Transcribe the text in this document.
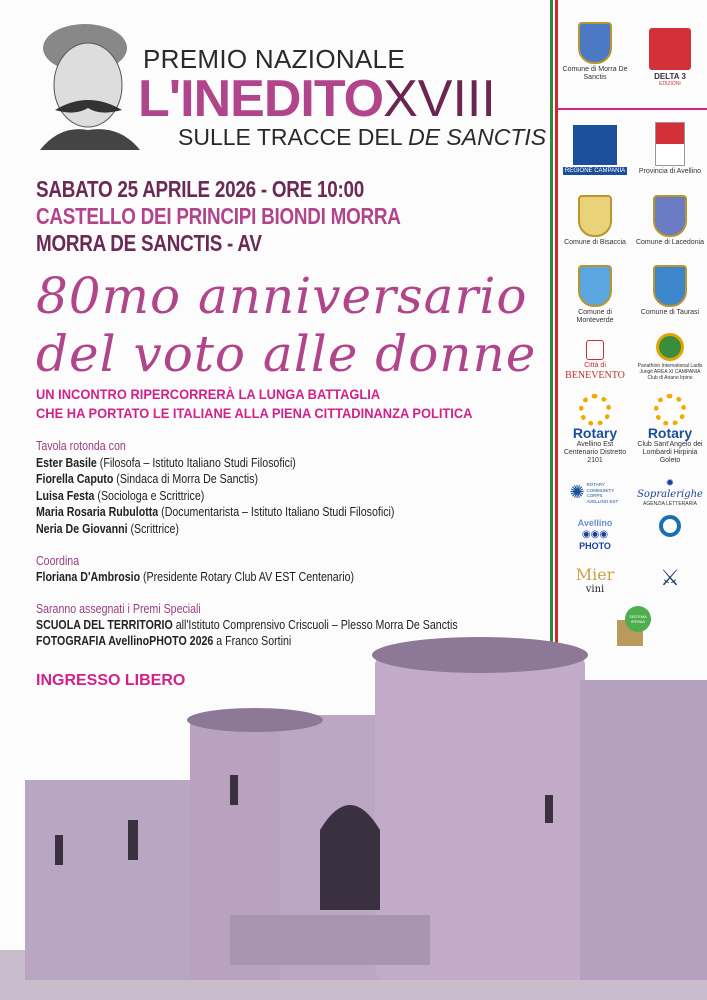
PREMIO NAZIONALE
L'INEDITOXVIII
SULLE TRACCE DEL DE SANCTIS
SABATO 25 APRILE 2026 - ORE 10:00
CASTELLO DEI PRINCIPI BIONDI MORRA
MORRA DE SANCTIS - AV
80mo anniversario
del voto alle donne
UN INCONTRO RIPERCORRERÀ LA LUNGA BATTAGLIA
CHE HA PORTATO LE ITALIANE ALLA PIENA CITTADINANZA POLITICA
Tavola rotonda con
Ester Basile (Filosofa – Istituto Italiano Studi Filosofici)
Fiorella Caputo (Sindaca di Morra De Sanctis)
Luisa Festa (Sociologa e Scrittrice)
Maria Rosaria Rubulotta (Documentarista – Istituto Italiano Studi Filosofici)
Neria De Giovanni (Scrittrice)
Coordina
Floriana D'Ambrosio (Presidente Rotary Club AV EST Centenario)
Saranno assegnati i Premi Speciali
SCUOLA DEL TERRITORIO all'Istituto Comprensivo Criscuoli – Plesso Morra De Sanctis
FOTOGRAFIA AvellinoPHOTO 2026 a Franco Sortini
INGRESSO LIBERO
Comune di Morra De Sanctis	DELTA 3
EDIZIONI
REGIONE CAMPANIA Provincia di Avellino
Comune di Bisaccia Comune di Lacedonia
Comune di Monteverde
Comune di Taurasi
Città di
BENEVENTO
Panathlon International Ladis Jungit AREA XI CAMPANIA Club di Ariano Irpino
Rotary
Avellino Est Centenario Distretto 2101
Rotary
Club Sant'Angelo dei Lombardi Hirpinia Goleto
✺ ROTARY COMMUNITY CORPS AVELLINO EST
✹
Sopralerighe
AGENZIA LETTERARIA
Avellino
◉◉◉
PHOTO
Mier
vini	⚔
SISTEMA IRPINIA
